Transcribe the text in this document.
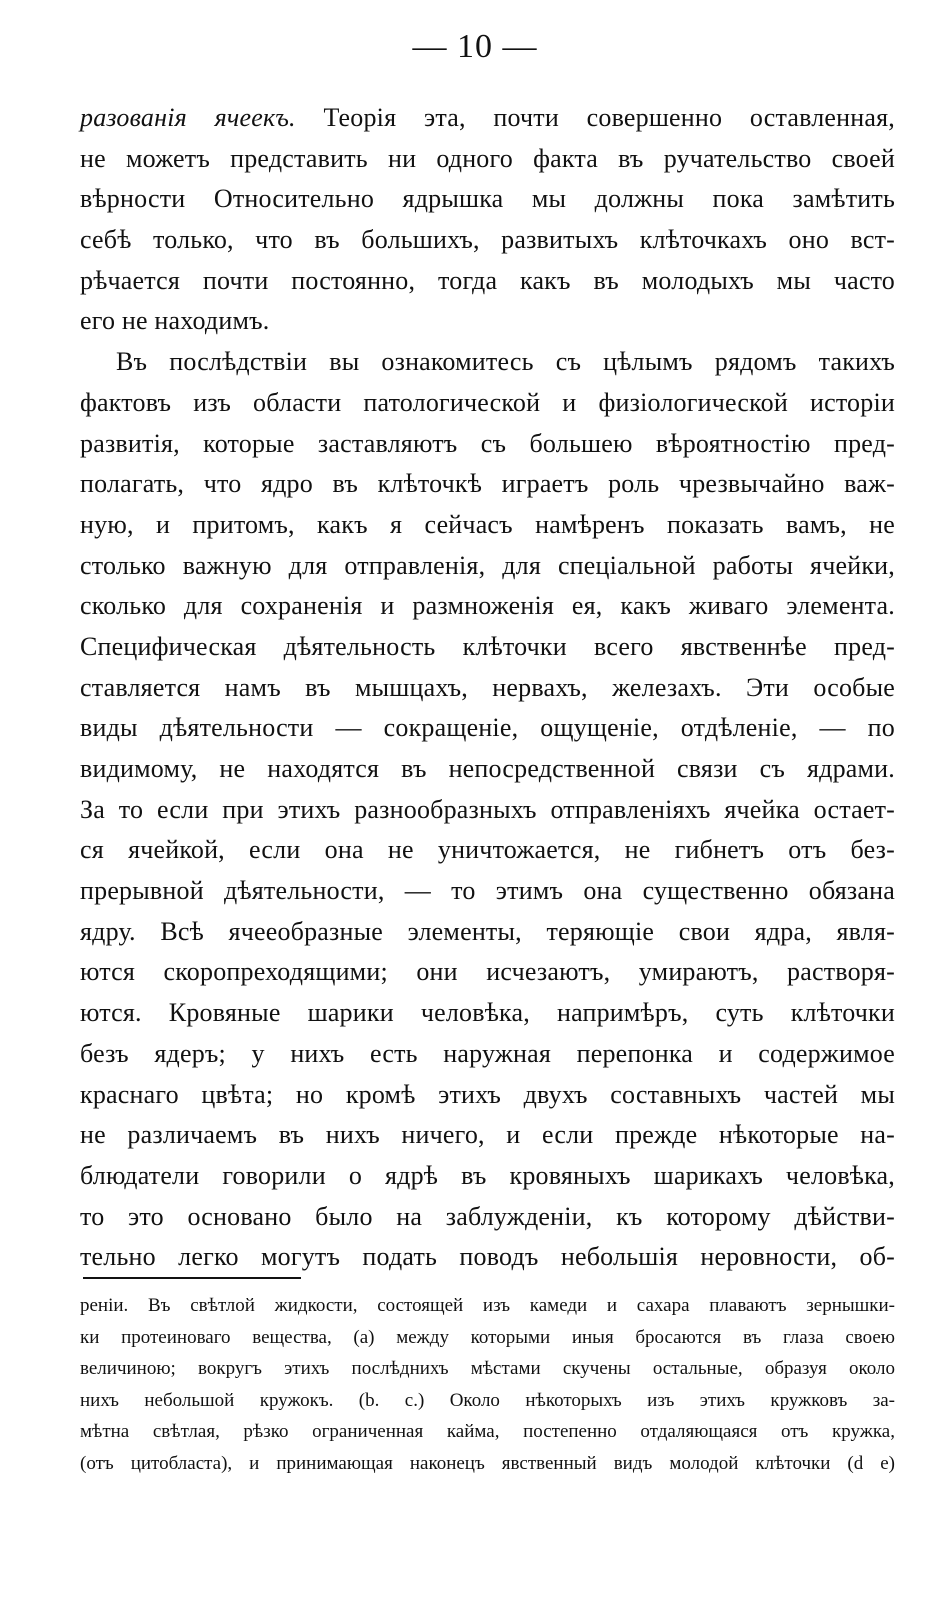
— 10 —
разованія ячеекъ. Теорія эта, почти совершенно оставленная,
не можетъ представить ни одного факта въ ручательство своей
вѣрности Относительно ядрышка мы должны пока замѣтить
себѣ только, что въ большихъ, развитыхъ клѣточкахъ оно вст-
рѣчается почти постоянно, тогда какъ въ молодыхъ мы часто
его не находимъ.
Въ послѣдствіи вы ознакомитесь съ цѣлымъ рядомъ такихъ
фактовъ изъ области патологической и физіологической исторіи
развитія, которые заставляютъ съ большею вѣроятностію пред-
полагать, что ядро въ клѣточкѣ играетъ роль чрезвычайно важ-
ную, и притомъ, какъ я сейчасъ намѣренъ показать вамъ, не
столько важную для отправленія, для спеціальной работы ячейки,
сколько для сохраненія и размноженія ея, какъ живаго элемента.
Специфическая дѣятельность клѣточки всего явственнѣе пред-
ставляется намъ въ мышцахъ, нервахъ, железахъ. Эти особые
виды дѣятельности — сокращеніе, ощущеніе, отдѣленіе, — по
видимому, не находятся въ непосредственной связи съ ядрами.
За то если при этихъ разнообразныхъ отправленіяхъ ячейка остает-
ся ячейкой, если она не уничтожается, не гибнетъ отъ без-
прерывной дѣятельности, — то этимъ она существенно обязана
ядру. Всѣ ячееобразные элементы, теряющіе свои ядра, явля-
ются скоропреходящими; они исчезаютъ, умираютъ, растворя-
ются. Кровяные шарики человѣка, напримѣръ, суть клѣточки
безъ ядеръ; у нихъ есть наружная перепонка и содержимое
краснаго цвѣта; но кромѣ этихъ двухъ составныхъ частей мы
не различаемъ въ нихъ ничего, и если прежде нѣкоторые на-
блюдатели говорили о ядрѣ въ кровяныхъ шарикахъ человѣка,
то это основано было на заблужденіи, къ которому дѣйстви-
тельно легко могутъ подать поводъ небольшія неровности, об-
реніи. Въ свѣтлой жидкости, состоящей изъ камеди и сахара плаваютъ зернышки-
ки протеиноваго вещества, (a) между которыми иныя бросаются въ глаза своею
величиною; вокругъ этихъ послѣднихъ мѣстами скучены остальные, образуя около
нихъ небольшой кружокъ. (b. c.) Около нѣкоторыхъ изъ этихъ кружковъ за-
мѣтна свѣтлая, рѣзко ограниченная кайма, постепенно отдаляющаяся отъ кружка,
(отъ цитобласта), и принимающая наконецъ явственный видъ молодой клѣточки (d e)
